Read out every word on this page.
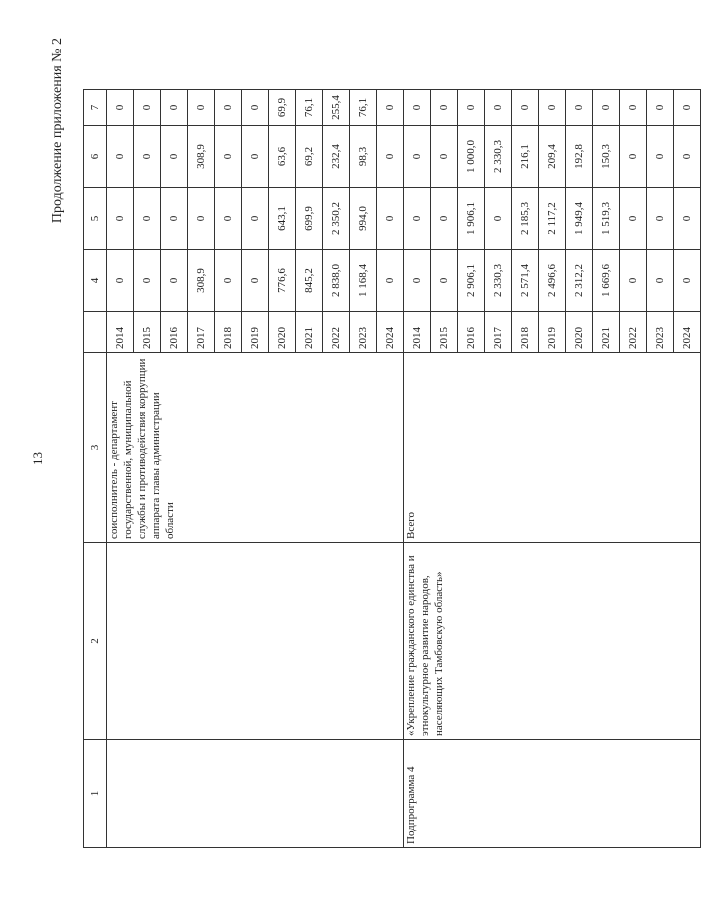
13
Продолжение приложения № 2
1	2	3		4	5	6	7	
		соисполнитель - департамент государственной, муниципальной службы и противодействия коррупции аппарата главы администрации области	2014	0	0	0	0	
			2015	0	0	0	0	
			2016	0	0	0	0	
			2017	308,9	0	308,9	0	
			2018	0	0	0	0	
			2019	0	0	0	0	
			2020	776,6	643,1	63,6	69,9	
			2021	845,2	699,9	69,2	76,1	
			2022	2 838,0	2 350,2	232,4	255,4	
			2023	1 168,4	994,0	98,3	76,1	
			2024	0	0	0	0	
Подпрограмма 4	«Укрепление гражданского единства и этнокультурное развитие народов, населяющих Тамбовскую область»	Всего	2014	0	0	0	0	
			2015	0	0	0	0	
			2016	2 906,1	1 906,1	1 000,0	0	
			2017	2 330,3	0	2 330,3	0	
			2018	2 571,4	2 185,3	216,1	0	
			2019	2 496,6	2 117,2	209,4	0	
			2020	2 312,2	1 949,4	192,8	0	
			2021	1 669,6	1 519,3	150,3	0	
			2022	0	0	0	0	
			2023	0	0	0	0	
			2024	0	0	0	0	
